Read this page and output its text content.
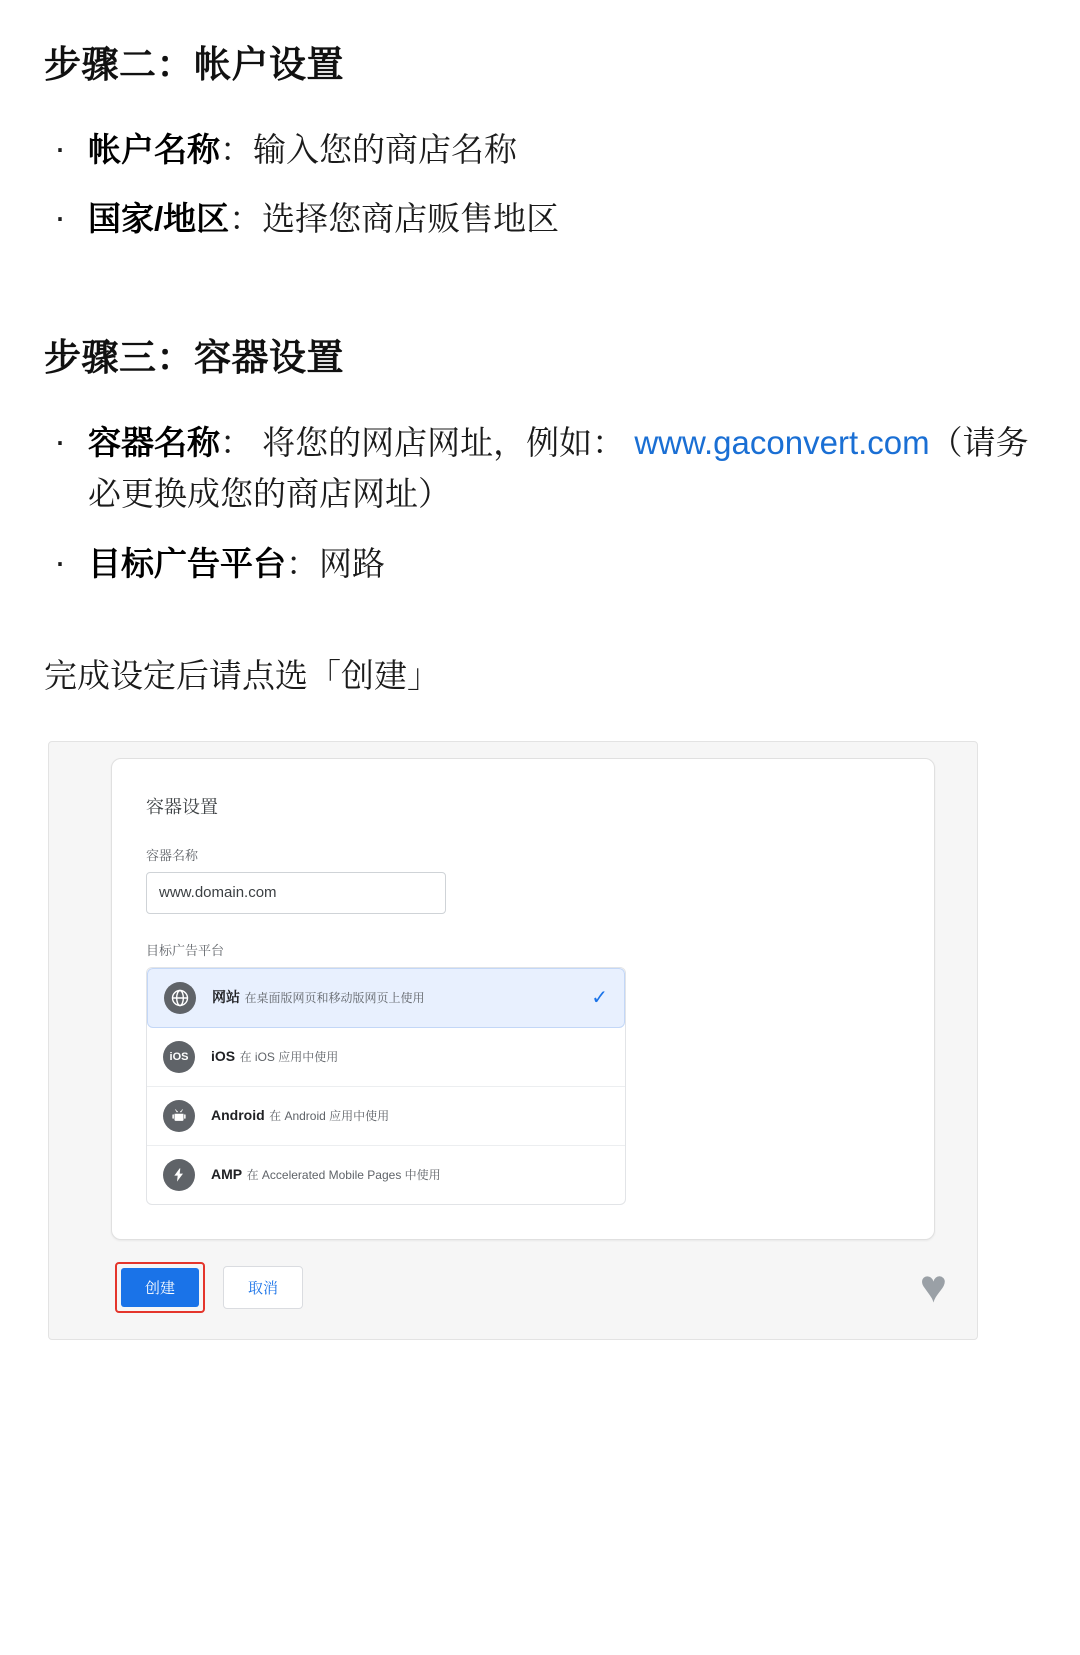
步骤二：帐户设置
· 帐户名称：输入您的商店名称
· 国家/地区：选择您商店贩售地区
步骤三：容器设置
· 容器名称： 将您的网店网址，例如： www.gaconvert.com（请务必更换成您的商店网址）
· 目标广告平台：网路

完成设定后请点选「创建」

容器设置
容器名称
www.domain.com
目标广告平台
网站 在桌面版网页和移动版网页上使用	✓
iOS	iOS 在 iOS 应用中使用
Android 在 Android 应用中使用
AMP 在 Accelerated Mobile Pages 中使用
创建	取消	♥
